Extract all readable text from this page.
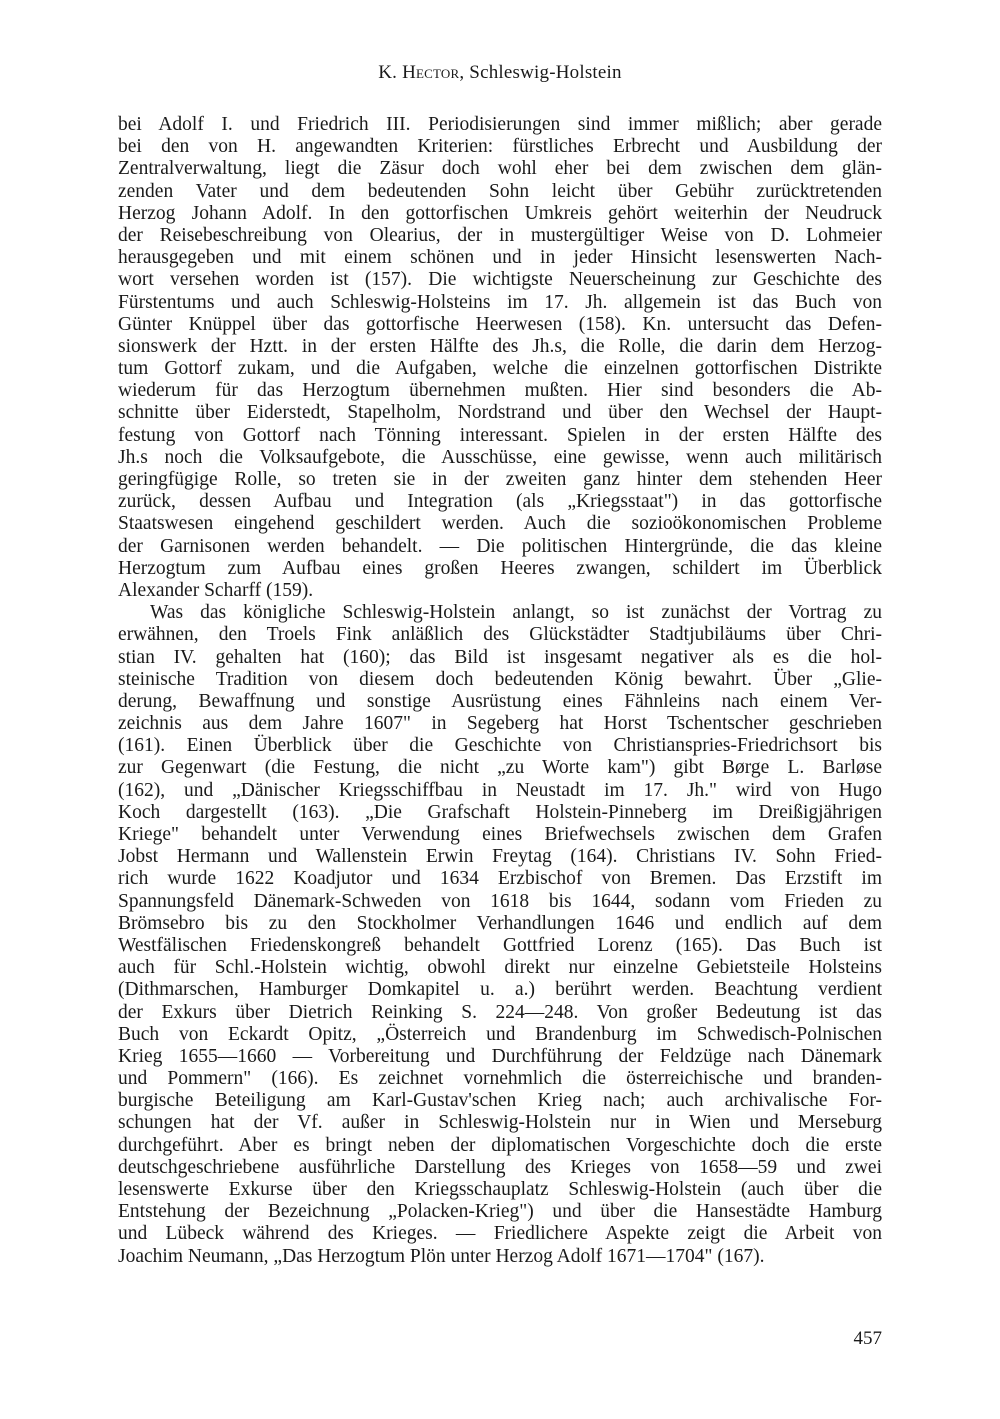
K. Hector, Schleswig-Holstein
bei Adolf I. und Friedrich III. Periodisierungen sind immer mißlich; aber gerade
bei den von H. angewandten Kriterien: fürstliches Erbrecht und Ausbildung der
Zentralverwaltung, liegt die Zäsur doch wohl eher bei dem zwischen dem glän-
zenden Vater und dem bedeutenden Sohn leicht über Gebühr zurücktretenden
Herzog Johann Adolf. In den gottorfischen Umkreis gehört weiterhin der Neudruck
der Reisebeschreibung von Olearius, der in mustergültiger Weise von D. Lohmeier
herausgegeben und mit einem schönen und in jeder Hinsicht lesenswerten Nach-
wort versehen worden ist (157). Die wichtigste Neuerscheinung zur Geschichte des
Fürstentums und auch Schleswig-Holsteins im 17. Jh. allgemein ist das Buch von
Günter Knüppel über das gottorfische Heerwesen (158). Kn. untersucht das Defen-
sionswerk der Hztt. in der ersten Hälfte des Jh.s, die Rolle, die darin dem Herzog-
tum Gottorf zukam, und die Aufgaben, welche die einzelnen gottorfischen Distrikte
wiederum für das Herzogtum übernehmen mußten. Hier sind besonders die Ab-
schnitte über Eiderstedt, Stapelholm, Nordstrand und über den Wechsel der Haupt-
festung von Gottorf nach Tönning interessant. Spielen in der ersten Hälfte des
Jh.s noch die Volksaufgebote, die Ausschüsse, eine gewisse, wenn auch militärisch
geringfügige Rolle, so treten sie in der zweiten ganz hinter dem stehenden Heer
zurück, dessen Aufbau und Integration (als „Kriegsstaat") in das gottorfische
Staatswesen eingehend geschildert werden. Auch die sozioökonomischen Probleme
der Garnisonen werden behandelt. — Die politischen Hintergründe, die das kleine
Herzogtum zum Aufbau eines großen Heeres zwangen, schildert im Überblick
Alexander Scharff (159).
Was das königliche Schleswig-Holstein anlangt, so ist zunächst der Vortrag zu
erwähnen, den Troels Fink anläßlich des Glückstädter Stadtjubiläums über Chri-
stian IV. gehalten hat (160); das Bild ist insgesamt negativer als es die hol-
steinische Tradition von diesem doch bedeutenden König bewahrt. Über „Glie-
derung, Bewaffnung und sonstige Ausrüstung eines Fähnleins nach einem Ver-
zeichnis aus dem Jahre 1607" in Segeberg hat Horst Tschentscher geschrieben
(161). Einen Überblick über die Geschichte von Christianspries-Friedrichsort bis
zur Gegenwart (die Festung, die nicht „zu Worte kam") gibt Børge L. Barløse
(162), und „Dänischer Kriegsschiffbau in Neustadt im 17. Jh." wird von Hugo
Koch dargestellt (163). „Die Grafschaft Holstein-Pinneberg im Dreißigjährigen
Kriege" behandelt unter Verwendung eines Briefwechsels zwischen dem Grafen
Jobst Hermann und Wallenstein Erwin Freytag (164). Christians IV. Sohn Fried-
rich wurde 1622 Koadjutor und 1634 Erzbischof von Bremen. Das Erzstift im
Spannungsfeld Dänemark-Schweden von 1618 bis 1644, sodann vom Frieden zu
Brömsebro bis zu den Stockholmer Verhandlungen 1646 und endlich auf dem
Westfälischen Friedenskongreß behandelt Gottfried Lorenz (165). Das Buch ist
auch für Schl.-Holstein wichtig, obwohl direkt nur einzelne Gebietsteile Holsteins
(Dithmarschen, Hamburger Domkapitel u. a.) berührt werden. Beachtung verdient
der Exkurs über Dietrich Reinking S. 224—248. Von großer Bedeutung ist das
Buch von Eckardt Opitz, „Österreich und Brandenburg im Schwedisch-Polnischen
Krieg 1655—1660 — Vorbereitung und Durchführung der Feldzüge nach Dänemark
und Pommern" (166). Es zeichnet vornehmlich die österreichische und branden-
burgische Beteiligung am Karl-Gustav'schen Krieg nach; auch archivalische For-
schungen hat der Vf. außer in Schleswig-Holstein nur in Wien und Merseburg
durchgeführt. Aber es bringt neben der diplomatischen Vorgeschichte doch die erste
deutschgeschriebene ausführliche Darstellung des Krieges von 1658—59 und zwei
lesenswerte Exkurse über den Kriegsschauplatz Schleswig-Holstein (auch über die
Entstehung der Bezeichnung „Polacken-Krieg") und über die Hansestädte Hamburg
und Lübeck während des Krieges. — Friedlichere Aspekte zeigt die Arbeit von
Joachim Neumann, „Das Herzogtum Plön unter Herzog Adolf 1671—1704" (167).
457
